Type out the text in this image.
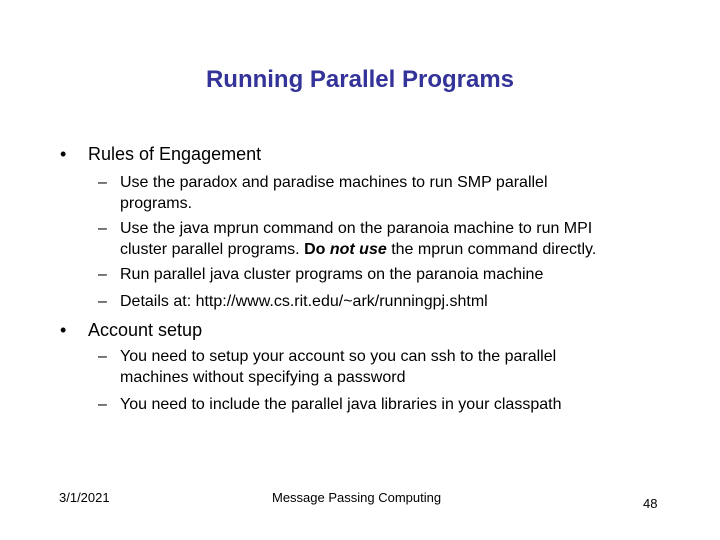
Running Parallel Programs
• Rules of Engagement
– Use the paradox and paradise machines to run SMP parallel
programs.
– Use the java mprun command on the paranoia machine to run MPI
cluster parallel programs. Do not use the mprun command directly.
– Run parallel java cluster programs on the paranoia machine
– Details at: http://www.cs.rit.edu/~ark/runningpj.shtml
• Account setup
– You need to setup your account so you can ssh to the parallel
machines without specifying a password
– You need to include the parallel java libraries in your classpath
3/1/2021	Message Passing Computing	48
